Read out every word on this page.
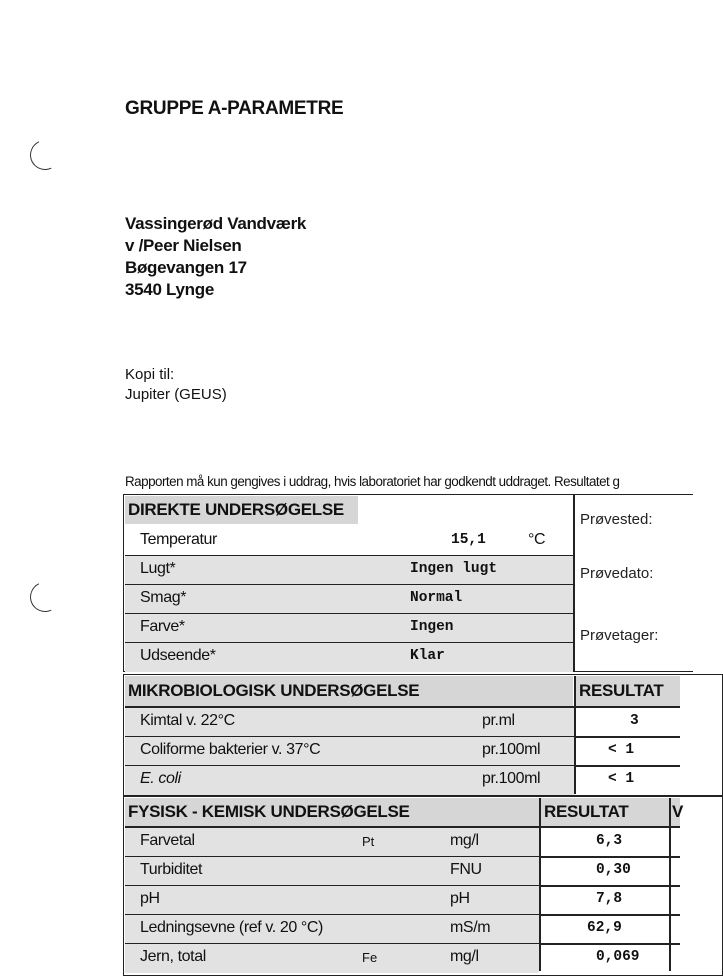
GRUPPE A-PARAMETRE
Vassingerød Vandværk
v /Peer Nielsen
Bøgevangen 17
3540 Lynge
Kopi til:
Jupiter (GEUS)
Rapporten må kun gengives i uddrag, hvis laboratoriet har godkendt uddraget. Resultatet g
DIREKTE UNDERSØGELSE
Temperatur	15,1	°C
Lugt*	Ingen lugt
Smag*	Normal
Farve*	Ingen
Udseende*	Klar
Prøvested:
Prøvedato:
Prøvetager:
MIKROBIOLOGISK UNDERSØGELSE	RESULTAT
Kimtal v. 22°C	pr.ml	3
Coliforme bakterier v. 37°C	pr.100ml	< 1
E. coli	pr.100ml	< 1
FYSISK - KEMISK UNDERSØGELSE	RESULTAT	V
Farvetal	Pt	mg/l	6,3
Turbiditet	FNU	0,30
pH	pH	7,8
Ledningsevne (ref v. 20 °C)	mS/m	62,9
Jern, total	Fe	mg/l	0,069
